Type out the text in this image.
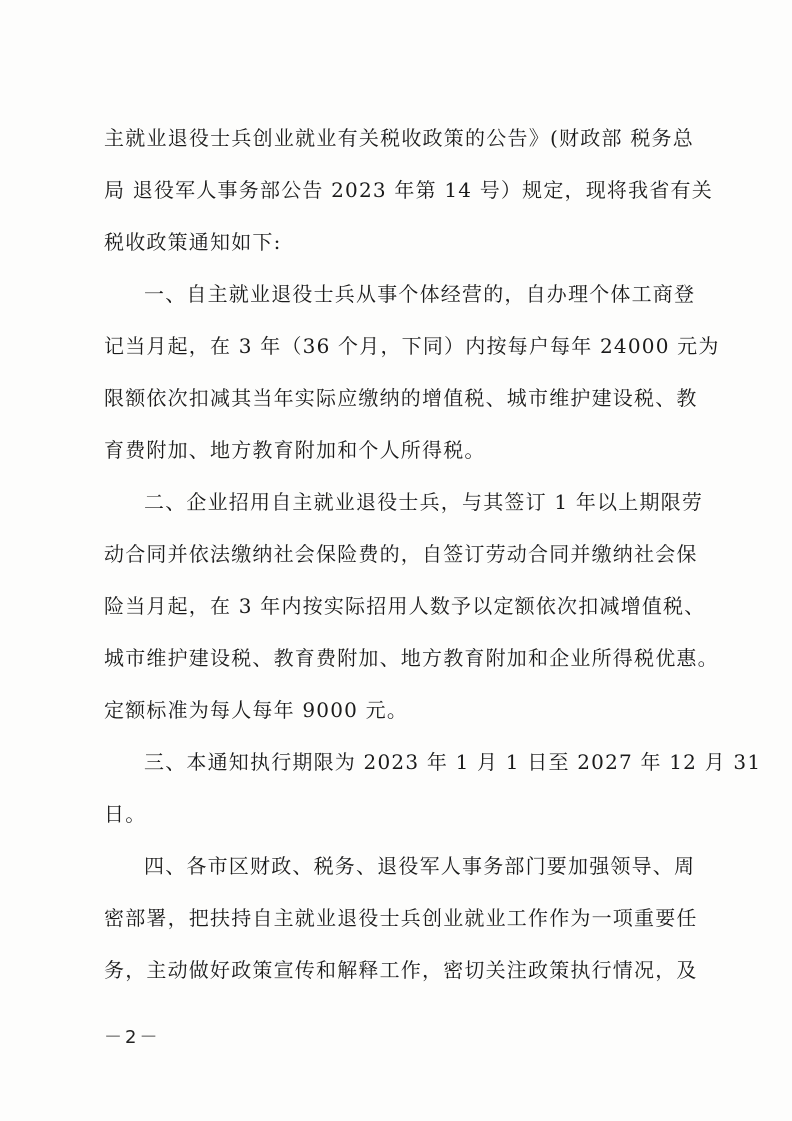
主就业退役士兵创业就业有关税收政策的公告》(财政部 税务总
局 退役军人事务部公告 2023 年第 14 号）规定，现将我省有关
税收政策通知如下:
一、自主就业退役士兵从事个体经营的，自办理个体工商登
记当月起，在 3 年（36 个月，下同）内按每户每年 24000 元为
限额依次扣减其当年实际应缴纳的增值税、城市维护建设税、教
育费附加、地方教育附加和个人所得税。
二、企业招用自主就业退役士兵，与其签订 1 年以上期限劳
动合同并依法缴纳社会保险费的，自签订劳动合同并缴纳社会保
险当月起，在 3 年内按实际招用人数予以定额依次扣减增值税、
城市维护建设税、教育费附加、地方教育附加和企业所得税优惠。
定额标准为每人每年 9000 元。
三、本通知执行期限为 2023 年 1 月 1 日至 2027 年 12 月 31
日。
四、各市区财政、税务、退役军人事务部门要加强领导、周
密部署，把扶持自主就业退役士兵创业就业工作作为一项重要任
务，主动做好政策宣传和解释工作，密切关注政策执行情况，及
－2－
